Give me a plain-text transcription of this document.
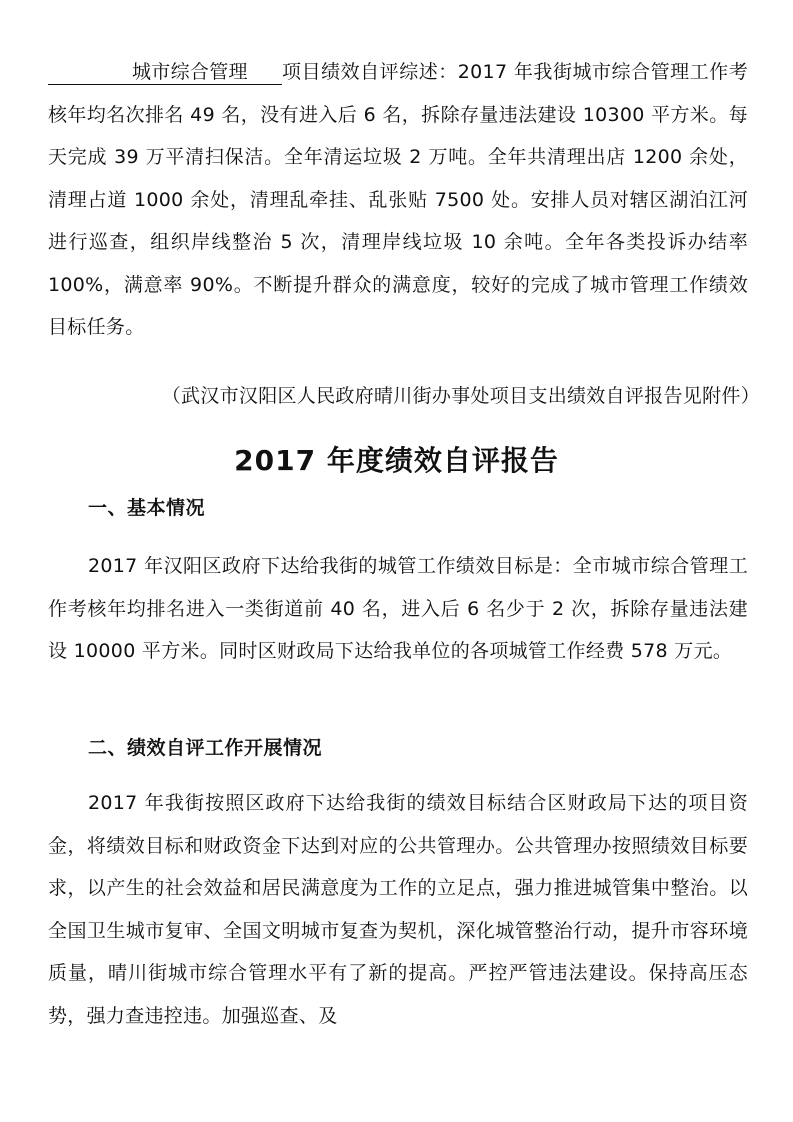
城市综合管理 项目绩效自评综述：2017 年我街城市综合管理工作考核年均名次排名 49 名，没有进入后 6 名，拆除存量违法建设 10300 平方米。每天完成 39 万平清扫保洁。全年清运垃圾 2 万吨。全年共清理出店 1200 余处，清理占道 1000 余处，清理乱牵挂、乱张贴 7500 处。安排人员对辖区湖泊江河进行巡查，组织岸线整治 5 次，清理岸线垃圾 10 余吨。全年各类投诉办结率 100%，满意率 90%。不断提升群众的满意度，较好的完成了城市管理工作绩效目标任务。

（武汉市汉阳区人民政府晴川街办事处项目支出绩效自评报告见附件）
2017 年度绩效自评报告
一、基本情况

2017 年汉阳区政府下达给我街的城管工作绩效目标是：全市城市综合管理工作考核年均排名进入一类街道前 40 名，进入后 6 名少于 2 次，拆除存量违法建设 10000 平方米。同时区财政局下达给我单位的各项城管工作经费 578 万元。

二、绩效自评工作开展情况

2017 年我街按照区政府下达给我街的绩效目标结合区财政局下达的项目资金，将绩效目标和财政资金下达到对应的公共管理办。公共管理办按照绩效目标要求，以产生的社会效益和居民满意度为工作的立足点，强力推进城管集中整治。以全国卫生城市复审、全国文明城市复查为契机，深化城管整治行动，提升市容环境质量，晴川街城市综合管理水平有了新的提高。严控严管违法建设。保持高压态势，强力查违控违。加强巡查、及
